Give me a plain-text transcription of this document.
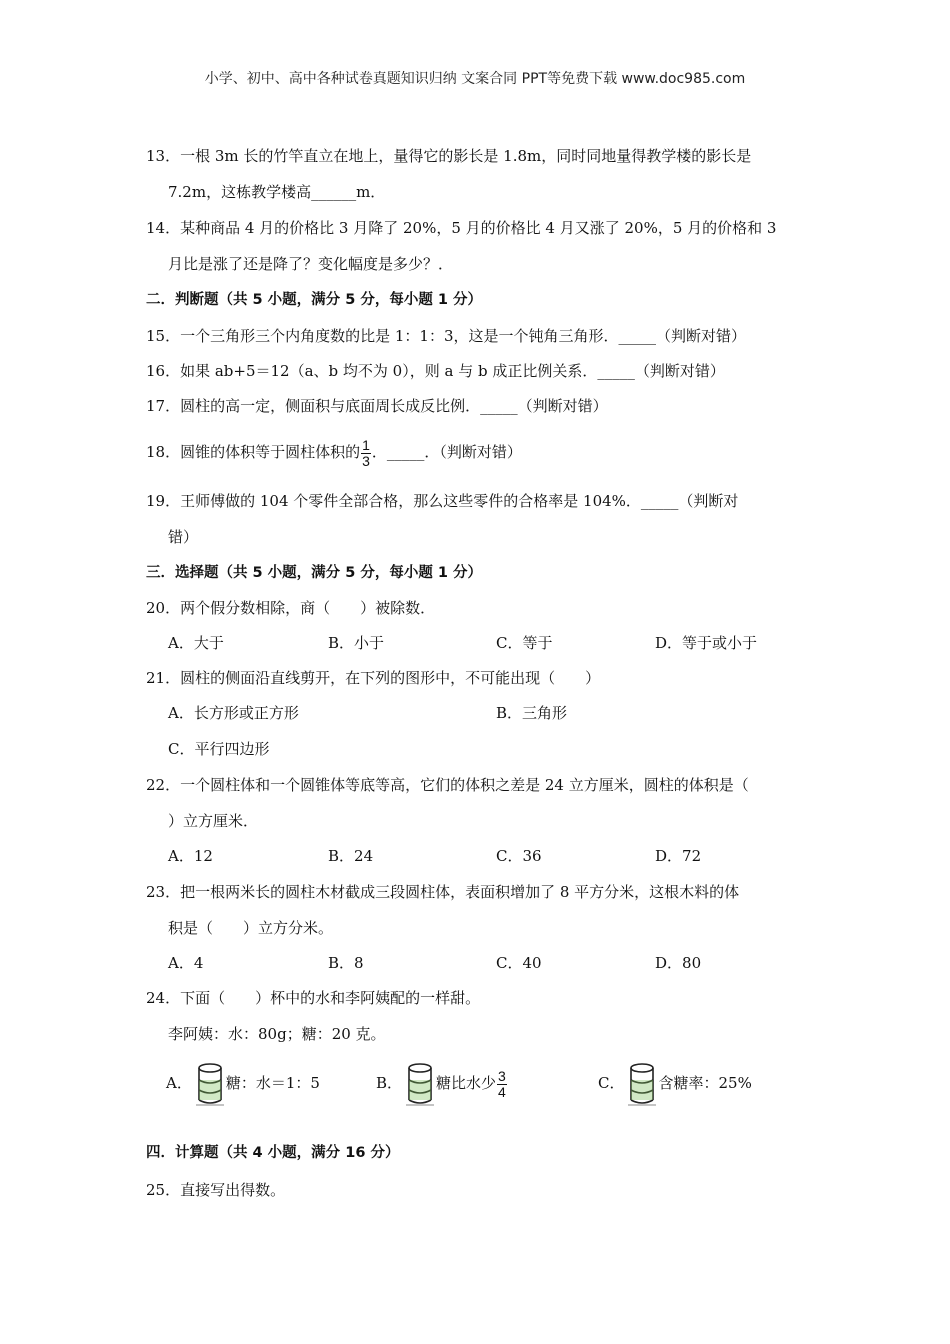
小学、初中、高中各种试卷真题知识归纳 文案合同 PPT等免费下载 www.doc985.com
13．一根 3m 长的竹竿直立在地上，量得它的影长是 1.8m，同时同地量得教学楼的影长是
7.2m，这栋教学楼高______m．
14．某种商品 4 月的价格比 3 月降了 20%，5 月的价格比 4 月又涨了 20%，5 月的价格和 3
月比是涨了还是降了？变化幅度是多少？．
二．判断题（共 5 小题，满分 5 分，每小题 1 分）
15．一个三角形三个内角度数的比是 1：1：3，这是一个钝角三角形．_____（判断对错）
16．如果 ab+5＝12（a、b 均不为 0），则 a 与 b 成正比例关系．_____（判断对错）
17．圆柱的高一定，侧面积与底面周长成反比例．_____（判断对错）
18．圆锥的体积等于圆柱体积的 $\frac{1}{3}$ ．_____．（判断对错）
19．王师傅做的 104 个零件全部合格，那么这些零件的合格率是 104%．_____（判断对
错）
三．选择题（共 5 小题，满分 5 分，每小题 1 分）
20．两个假分数相除，商（　　）被除数．
A．大于	B．小于	C．等于	D．等于或小于
21．圆柱的侧面沿直线剪开，在下列的图形中，不可能出现（　　）
A．长方形或正方形	B．三角形
C．平行四边形
22．一个圆柱体和一个圆锥体等底等高，它们的体积之差是 24 立方厘米，圆柱的体积是（
）立方厘米．
A．12	B．24	C．36	D．72
23．把一根两米长的圆柱木材截成三段圆柱体，表面积增加了 8 平方分米，这根木料的体
积是（　　）立方分米。
A．4	B．8	C．40	D．80
24．下面（　　）杯中的水和李阿姨配的一样甜。
李阿姨：水：80g；糖：20 克。
A． 糖：水＝1：5	B． 糖比水少 $\frac{3}{4}$	C． 含糖率：25%
四．计算题（共 4 小题，满分 16 分）
25．直接写出得数。
